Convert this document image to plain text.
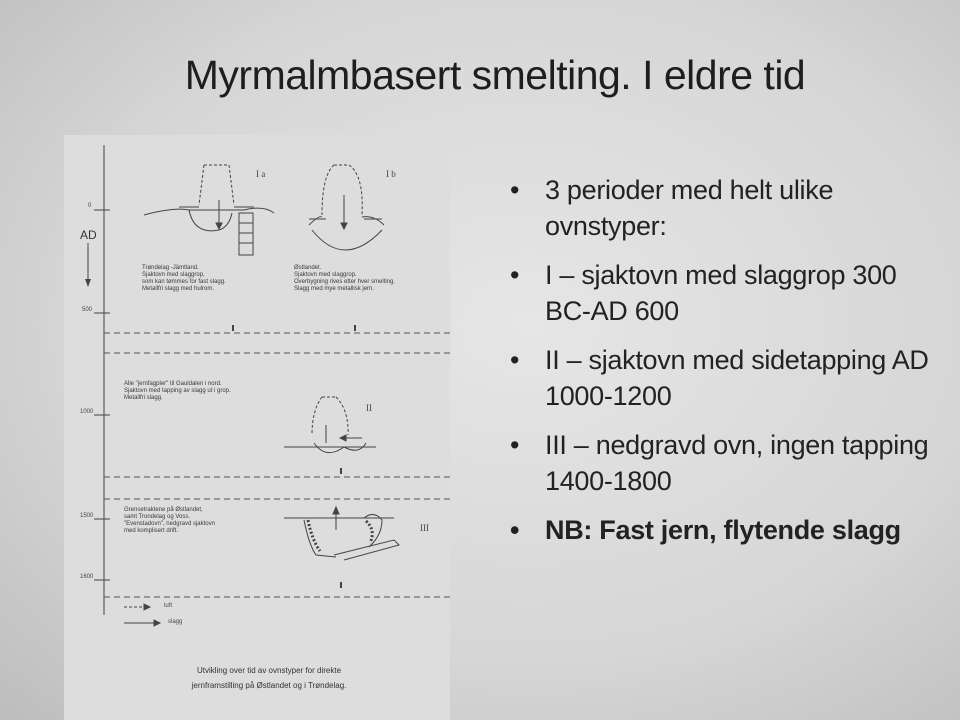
Myrmalmbasert smelting. I eldre tid
AD
0
500
1000
1500
1600
I a	I b
II
III
Trøndelag -Jämtland.
Sjaktovn med slaggrop,
som kan tømmes for fast slagg.
Metallfri slagg med hulrom.
Østlandet.
Sjaktovn med slaggrop.
Overbygning rives etter hver smelting.
Slagg med mye metallisk jern.
Alle "jernfagpler" til Gauldalen i nord.
Sjaktovn med tapping av slagg ut i grop.
Metallfri slagg.
Grensetraktene på Østlandet,
samt Trondelag og Voss.
"Evenstadovn", nedgravd sjaktovn
med komplisert drift.
luft
slagg
Utvikling over tid av ovnstyper for direkte
jernframstilling på Østlandet og i Trøndelag.
• 3 perioder med helt ulike ovnstyper:
• I – sjaktovn med slaggrop 300 BC-AD 600
• II – sjaktovn med sidetapping AD 1000-1200
• III – nedgravd ovn, ingen tapping 1400-1800
• NB: Fast jern, flytende slagg
